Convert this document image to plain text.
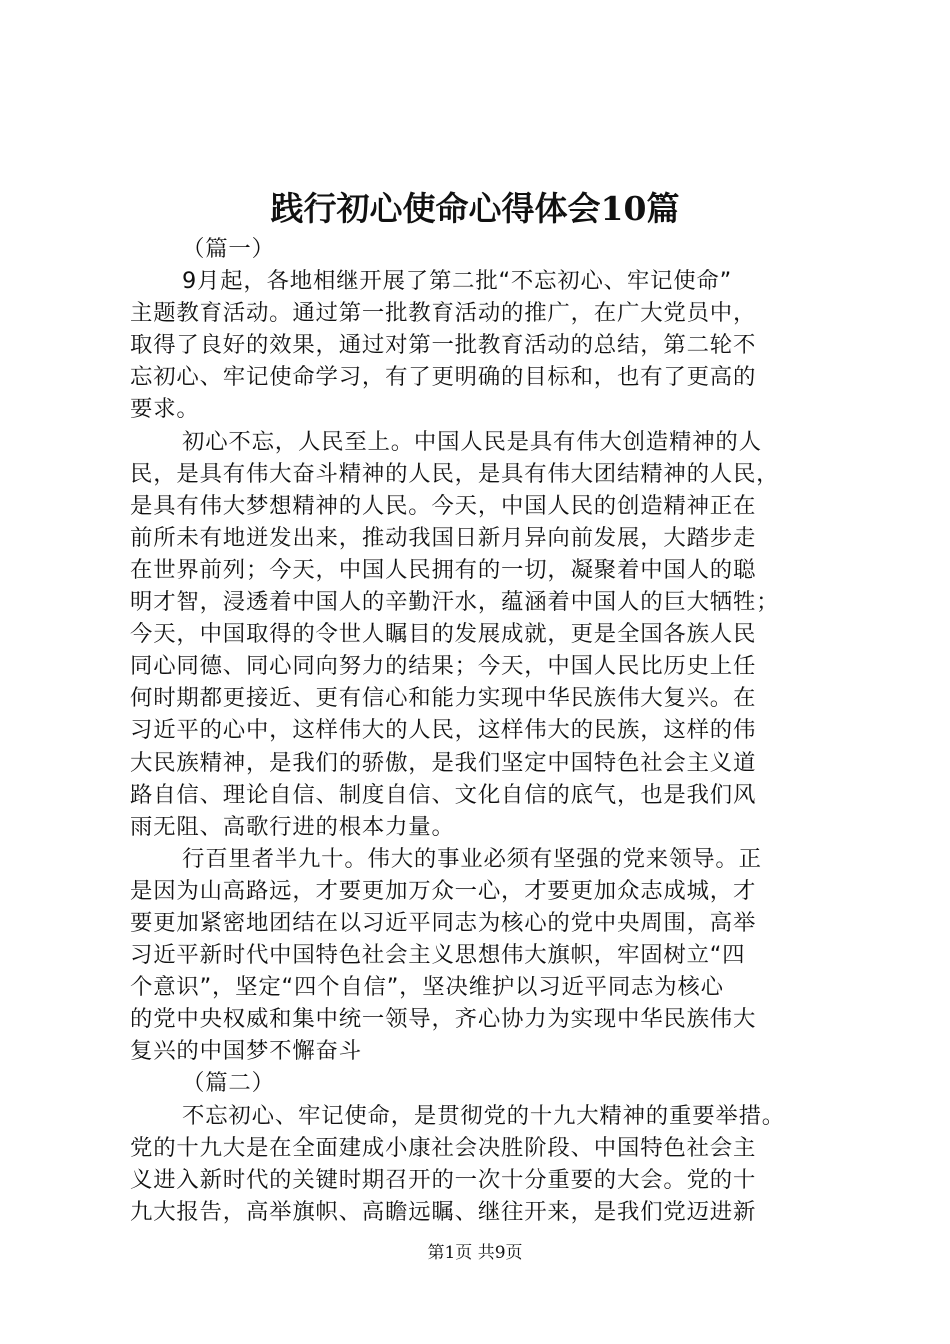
践行初心使命心得体会10篇
（篇一）
9月起，各地相继开展了第二批“不忘初心、牢记使命”
主题教育活动。通过第一批教育活动的推广，在广大党员中，
取得了良好的效果，通过对第一批教育活动的总结，第二轮不
忘初心、牢记使命学习，有了更明确的目标和，也有了更高的
要求。
初心不忘，人民至上。中国人民是具有伟大创造精神的人
民，是具有伟大奋斗精神的人民，是具有伟大团结精神的人民，
是具有伟大梦想精神的人民。今天，中国人民的创造精神正在
前所未有地迸发出来，推动我国日新月异向前发展，大踏步走
在世界前列；今天，中国人民拥有的一切，凝聚着中国人的聪
明才智，浸透着中国人的辛勤汗水，蕴涵着中国人的巨大牺牲；
今天，中国取得的令世人瞩目的发展成就，更是全国各族人民
同心同德、同心同向努力的结果；今天，中国人民比历史上任
何时期都更接近、更有信心和能力实现中华民族伟大复兴。在
习近平的心中，这样伟大的人民，这样伟大的民族，这样的伟
大民族精神，是我们的骄傲，是我们坚定中国特色社会主义道
路自信、理论自信、制度自信、文化自信的底气，也是我们风
雨无阻、高歌行进的根本力量。
行百里者半九十。伟大的事业必须有坚强的党来领导。正
是因为山高路远，才要更加万众一心，才要更加众志成城，才
要更加紧密地团结在以习近平同志为核心的党中央周围，高举
习近平新时代中国特色社会主义思想伟大旗帜，牢固树立“四
个意识”，坚定“四个自信”，坚决维护以习近平同志为核心
的党中央权威和集中统一领导，齐心协力为实现中华民族伟大
复兴的中国梦不懈奋斗
（篇二）
不忘初心、牢记使命，是贯彻党的十九大精神的重要举措。
党的十九大是在全面建成小康社会决胜阶段、中国特色社会主
义进入新时代的关键时期召开的一次十分重要的大会。党的十
九大报告，高举旗帜、高瞻远瞩、继往开来，是我们党迈进新
第1页 共9页
